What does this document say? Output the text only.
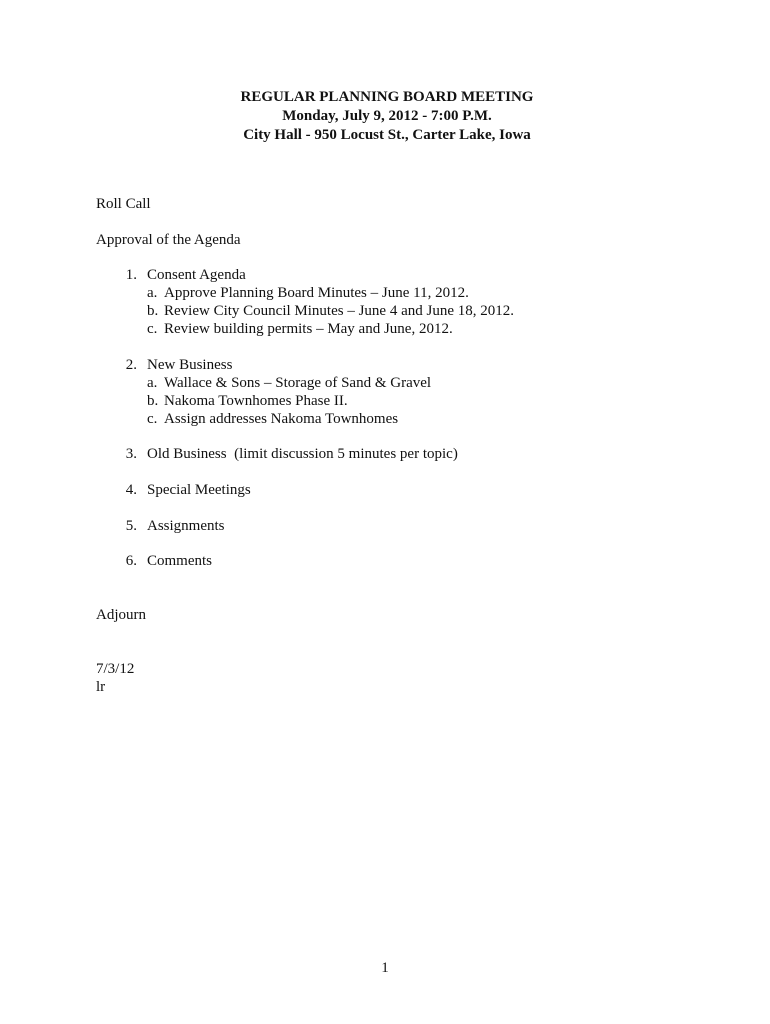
REGULAR PLANNING BOARD MEETING
Monday, July 9, 2012 - 7:00 P.M.
City Hall - 950 Locust St., Carter Lake, Iowa
Roll Call
Approval of the Agenda
1. Consent Agenda
a. Approve Planning Board Minutes – June 11, 2012.
b. Review City Council Minutes – June 4 and June 18, 2012.
c. Review building permits – May and June, 2012.
2. New Business
a. Wallace & Sons – Storage of Sand & Gravel
b. Nakoma Townhomes Phase II.
c. Assign addresses Nakoma Townhomes
3. Old Business  (limit discussion 5 minutes per topic)
4. Special Meetings
5. Assignments
6. Comments
Adjourn
7/3/12
lr
1
